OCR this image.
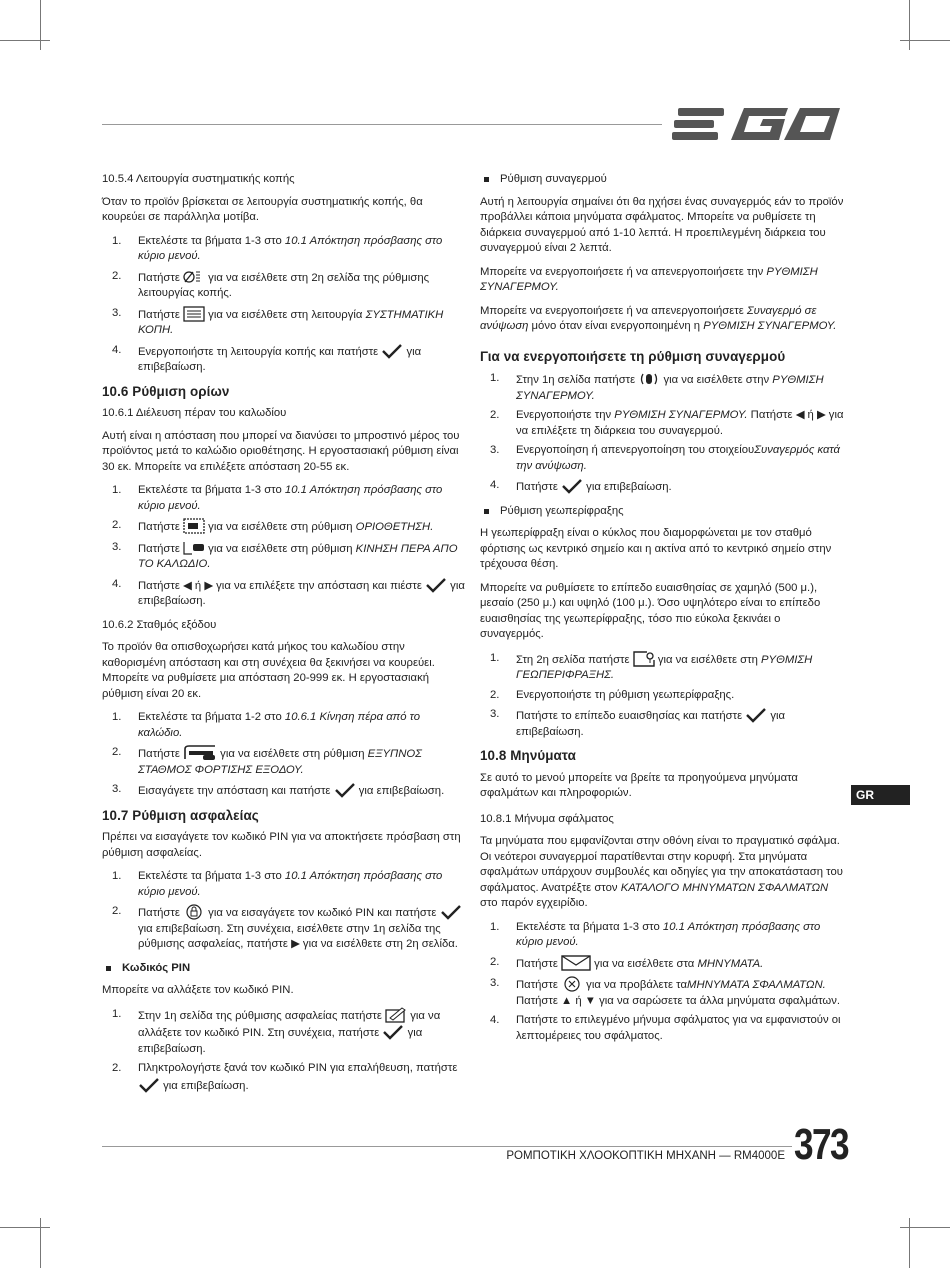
10.5.4 Λειτουργία συστηματικής κοπής

Όταν το προϊόν βρίσκεται σε λειτουργία συστηματικής κοπής, θα κουρεύει σε παράλληλα μοτίβα.

1. Εκτελέστε τα βήματα 1-3 στο 10.1 Απόκτηση πρόσβασης στο κύριο μενού.
2. Πατήστε  για να εισέλθετε στη 2η σελίδα της ρύθμισης λειτουργίας κοπής.
3. Πατήστε  για να εισέλθετε στη λειτουργία ΣΥΣΤΗΜΑΤΙΚΗ ΚΟΠΗ.
4. Ενεργοποιήστε τη λειτουργία κοπής και πατήστε  για επιβεβαίωση.
10.6 Ρύθμιση ορίων
10.6.1 Διέλευση πέραν του καλωδίου

Αυτή είναι η απόσταση που μπορεί να διανύσει το μπροστινό μέρος του προϊόντος μετά το καλώδιο οριοθέτησης. Η εργοστασιακή ρύθμιση είναι 30 εκ. Μπορείτε να επιλέξετε απόσταση 20-55 εκ.

1. Εκτελέστε τα βήματα 1-3 στο 10.1 Απόκτηση πρόσβασης στο κύριο μενού.
2. Πατήστε  για να εισέλθετε στη ρύθμιση ΟΡΙΟΘΕΤΗΣΗ.
3. Πατήστε  για να εισέλθετε στη ρύθμιση ΚΙΝΗΣΗ ΠΕΡΑ ΑΠΟ ΤΟ ΚΑΛΩΔΙΟ.
4. Πατήστε ◀ ή ▶ για να επιλέξετε την απόσταση και πιέστε  για επιβεβαίωση.
10.6.2 Σταθμός εξόδου

Το προϊόν θα οπισθοχωρήσει κατά μήκος του καλωδίου στην καθορισμένη απόσταση και στη συνέχεια θα ξεκινήσει να κουρεύει. Μπορείτε να ρυθμίσετε μια απόσταση 20-999 εκ. Η εργοστασιακή ρύθμιση είναι 20 εκ.

1. Εκτελέστε τα βήματα 1-2 στο 10.6.1 Κίνηση πέρα από το καλώδιο.
2. Πατήστε	για να εισέλθετε στη ρύθμιση ΕΞΥΠΝΟΣ ΣΤΑΘΜΟΣ ΦΟΡΤΙΣΗΣ ΕΞΟΔΟΥ.
3. Εισαγάγετε την απόσταση και πατήστε  για επιβεβαίωση.
10.7 Ρύθμιση ασφαλείας

Πρέπει να εισαγάγετε τον κωδικό PIN για να αποκτήσετε πρόσβαση στη ρύθμιση ασφαλείας.

1. Εκτελέστε τα βήματα 1-3 στο 10.1 Απόκτηση πρόσβασης στο κύριο μενού.
2. Πατήστε  για να εισαγάγετε τον κωδικό PIN και πατήστε  για επιβεβαίωση. Στη συνέχεια, εισέλθετε στην 1η σελίδα της ρύθμισης ασφαλείας, πατήστε ▶ για να εισέλθετε στη 2η σελίδα.
Κωδικός PIN

Μπορείτε να αλλάξετε τον κωδικό PIN.

1. Στην 1η σελίδα της ρύθμισης ασφαλείας πατήστε  για να αλλάξετε τον κωδικό PIN. Στη συνέχεια, πατήστε  για επιβεβαίωση.
2. Πληκτρολογήστε ξανά τον κωδικό PIN για επαλήθευση, πατήστε  για επιβεβαίωση.
Ρύθμιση συναγερμού

Αυτή η λειτουργία σημαίνει ότι θα ηχήσει ένας συναγερμός εάν το προϊόν προβάλλει κάποια μηνύματα σφάλματος. Μπορείτε να ρυθμίσετε τη διάρκεια συναγερμού από 1-10 λεπτά. Η προεπιλεγμένη διάρκεια του συναγερμού είναι 2 λεπτά.

Μπορείτε να ενεργοποιήσετε ή να απενεργοποιήσετε την ΡΥΘΜΙΣΗ ΣΥΝΑΓΕΡΜΟΥ.

Μπορείτε να ενεργοποιήσετε ή να απενεργοποιήσετε Συναγερμό σε ανύψωση μόνο όταν είναι ενεργοποιημένη η ΡΥΘΜΙΣΗ ΣΥΝΑΓΕΡΜΟΥ.

Για να ενεργοποιήσετε τη ρύθμιση συναγερμού
1. Στην 1η σελίδα πατήστε  για να εισέλθετε στην ΡΥΘΜΙΣΗ ΣΥΝΑΓΕΡΜΟΥ.
2. Ενεργοποιήστε την ΡΥΘΜΙΣΗ ΣΥΝΑΓΕΡΜΟΥ. Πατήστε ◀ ή ▶ για να επιλέξετε τη διάρκεια του συναγερμού.
3. Ενεργοποίηση ή απενεργοποίηση του στοιχείουΣυναγερμός κατά την ανύψωση.
4. Πατήστε  για επιβεβαίωση.
Ρύθμιση γεωπερίφραξης

Η γεωπερίφραξη είναι ο κύκλος που διαμορφώνεται με τον σταθμό φόρτισης ως κεντρικό σημείο και η ακτίνα από το κεντρικό σημείο στην τρέχουσα θέση.

Μπορείτε να ρυθμίσετε το επίπεδο ευαισθησίας σε χαμηλό (500 μ.), μεσαίο (250 μ.) και υψηλό (100 μ.). Όσο υψηλότερο είναι το επίπεδο ευαισθησίας της γεωπερίφραξης, τόσο πιο εύκολα ξεκινάει ο συναγερμός.

1. Στη 2η σελίδα πατήστε  για να εισέλθετε στη ΡΥΘΜΙΣΗ ΓΕΩΠΕΡΙΦΡΑΞΗΣ.
2. Ενεργοποιήστε τη ρύθμιση γεωπερίφραξης.
3. Πατήστε το επίπεδο ευαισθησίας και πατήστε  για επιβεβαίωση.
10.8 Μηνύματα

Σε αυτό το μενού μπορείτε να βρείτε τα προηγούμενα μηνύματα σφαλμάτων και πληροφοριών.

10.8.1 Μήνυμα σφάλματος

Τα μηνύματα που εμφανίζονται στην οθόνη είναι το πραγματικό σφάλμα. Οι νεότεροι συναγερμοί παρατίθενται στην κορυφή. Στα μηνύματα σφαλμάτων υπάρχουν συμβουλές και οδηγίες για την αποκατάσταση του σφάλματος. Ανατρέξτε στον ΚΑΤΑΛΟΓΟ ΜΗΝΥΜΑΤΩΝ ΣΦΑΛΜΑΤΩΝ στο παρόν εγχειρίδιο.

1. Εκτελέστε τα βήματα 1-3 στο 10.1 Απόκτηση πρόσβασης στο κύριο μενού.
2. Πατήστε	για να εισέλθετε στα ΜΗΝΥΜΑΤΑ.
3. Πατήστε  για να προβάλετε ταΜΗΝΥΜΑΤΑ ΣΦΑΛΜΑΤΩΝ. Πατήστε ▲ ή ▼ για να σαρώσετε τα άλλα μηνύματα σφαλμάτων.
4. Πατήστε το επιλεγμένο μήνυμα σφάλματος για να εμφανιστούν οι λεπτομέρειες του σφάλματος.
GR
ΡΟΜΠΟΤΙΚΗ ΧΛΟΟΚΟΠΤΙΚΗ ΜΗΧΑΝΗ — RM4000E 373
